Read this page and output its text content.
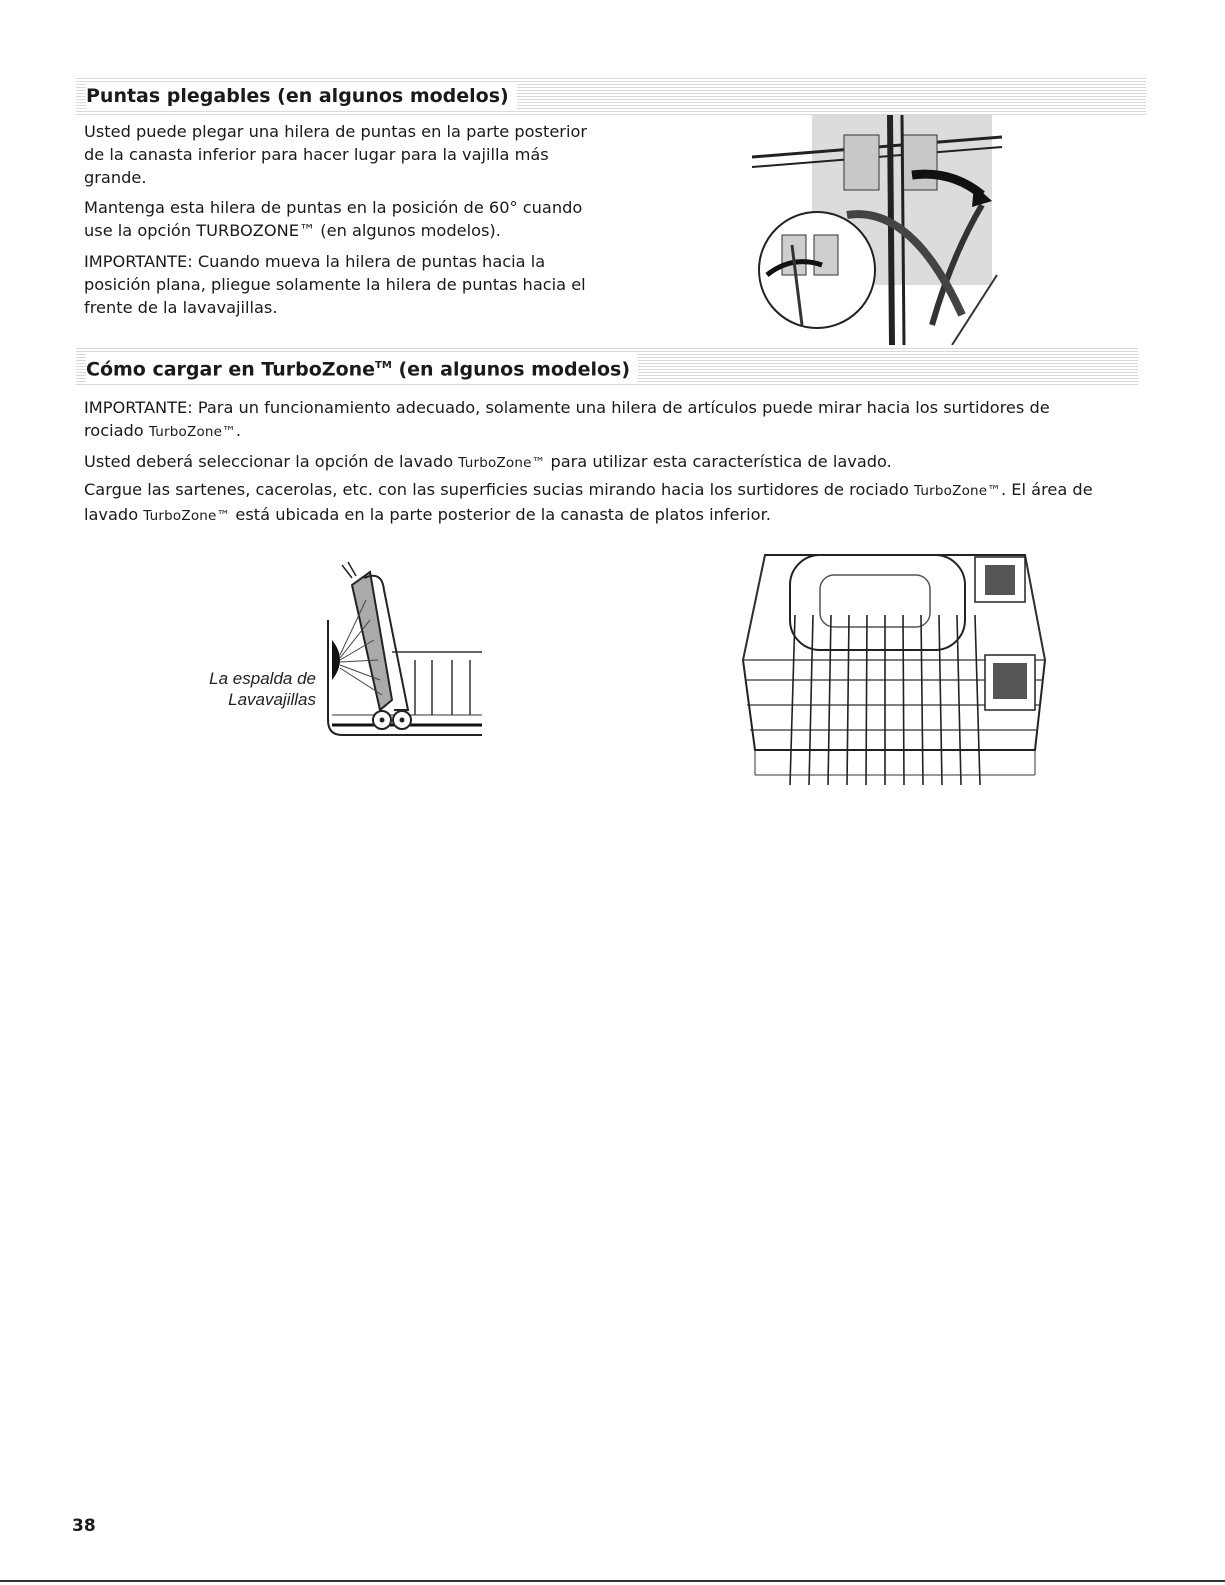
Puntas plegables (en algunos modelos)

Usted puede plegar una hilera de puntas en la parte posterior de la canasta inferior para hacer lugar para la vajilla más grande.

Mantenga esta hilera de puntas en la posición de 60° cuando use la opción TURBOZONE™ (en algunos modelos).

IMPORTANTE: Cuando mueva la hilera de puntas hacia la posición plana, pliegue solamente la hilera de puntas hacia el frente de la lavavajillas.

Cómo cargar en TurboZone™ (en algunos modelos)

IMPORTANTE: Para un funcionamiento adecuado, solamente una hilera de artículos puede mirar hacia los surtidores de rociado TurboZone™.

Usted deberá seleccionar la opción de lavado TurboZone™ para utilizar esta característica de lavado.

Cargue las sartenes, cacerolas, etc. con las superficies sucias mirando hacia los surtidores de rociado TurboZone™. El área de lavado TurboZone™ está ubicada en la parte posterior de la canasta de platos inferior.

La espalda de
Lavavajillas
38
